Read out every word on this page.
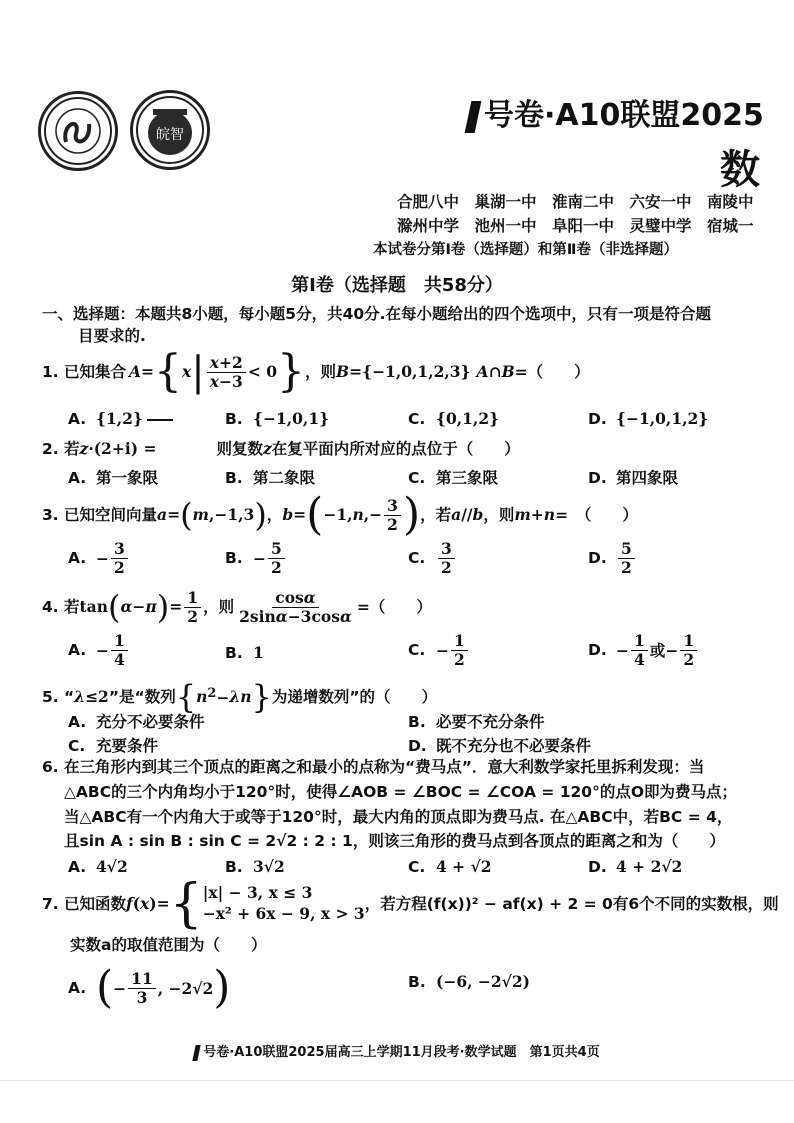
皖智
号卷·A10联盟2025
数
合肥八中　巢湖一中　淮南二中　六安一中　南陵中
滁州中学　池州一中　阜阳一中　灵璧中学　宿城一
本试卷分第Ⅰ卷（选择题）和第Ⅱ卷（非选择题）
第Ⅰ卷（选择题　共58分）
一、选择题：本题共8小题，每小题5分，共40分.在每小题给出的四个选项中，只有一项是符合题
目要求的.
1. 已知集合 A = { x | $\frac{x+2}{x-3} < 0$ } ，则 B ={−1,0,1,2,3} A ∩ B =（　　）
A. {1,2}	B. {−1,0,1}	C. {0,1,2}	D. {−1,0,1,2}
2. 若z·(2+i) =	则复数z在复平面内所对应的点位于（　　）
A. 第一象限	B. 第二象限	C. 第三象限	D. 第四象限
3. 已知空间向量 a = ( m ,−1,3 ) ， b = ( −1, n ,− $\frac{3}{2}$ ) ，若 a // b ，则 m + n =　（　　）
A. − $\frac{3}{2}$	B. − $\frac{5}{2}$	C. $\frac{3}{2}$	D. $\frac{5}{2}$
4. 若 tan ( α − π ) = $\frac{1}{2}$ ，则 $\frac{\cos\alpha}{2\sin\alpha-3\cos\alpha}$ =（　　）
A. − $\frac{1}{4}$	B. 1	C. − $\frac{1}{2}$	D. − $\frac{1}{4}$ 或 − $\frac{1}{2}$
5. “ λ ≤2 ”是“数列 { n $^2$− λn } 为递增数列”的（　　）
A. 充分不必要条件	B. 必要不充分条件
C. 充要条件	D. 既不充分也不必要条件
6. 在三角形内到其三个顶点的距离之和最小的点称为“费马点”．意大利数学家托里拆利发现：当
△ABC的三个内角均小于120°时，使得∠AOB = ∠BOC = ∠COA = 120°的点O即为费马点；
当△ABC有一个内角大于或等于120°时，最大内角的顶点即为费马点. 在△ABC中，若BC = 4，
且sin A : sin B : sin C = 2√2 : 2 : 1，则该三角形的费马点到各顶点的距离之和为（　　）
A. 4√2	B. 3√2	C. 4 + √2	D. 4 + 2√2
7. 已知函数 f ( x )= { |x| − 3, x ≤ 3
−x² + 6x − 9, x > 3
，若方程(f(x))² − af(x) + 2 = 0有6个不同的实数根，则
实数a的取值范围为（　　）
A. ( − $\frac{11}{3}$ , −2√2 )	B. (−6, −2√2)
号卷·A10联盟2025届高三上学期11月段考·数学试题　第1页共4页
